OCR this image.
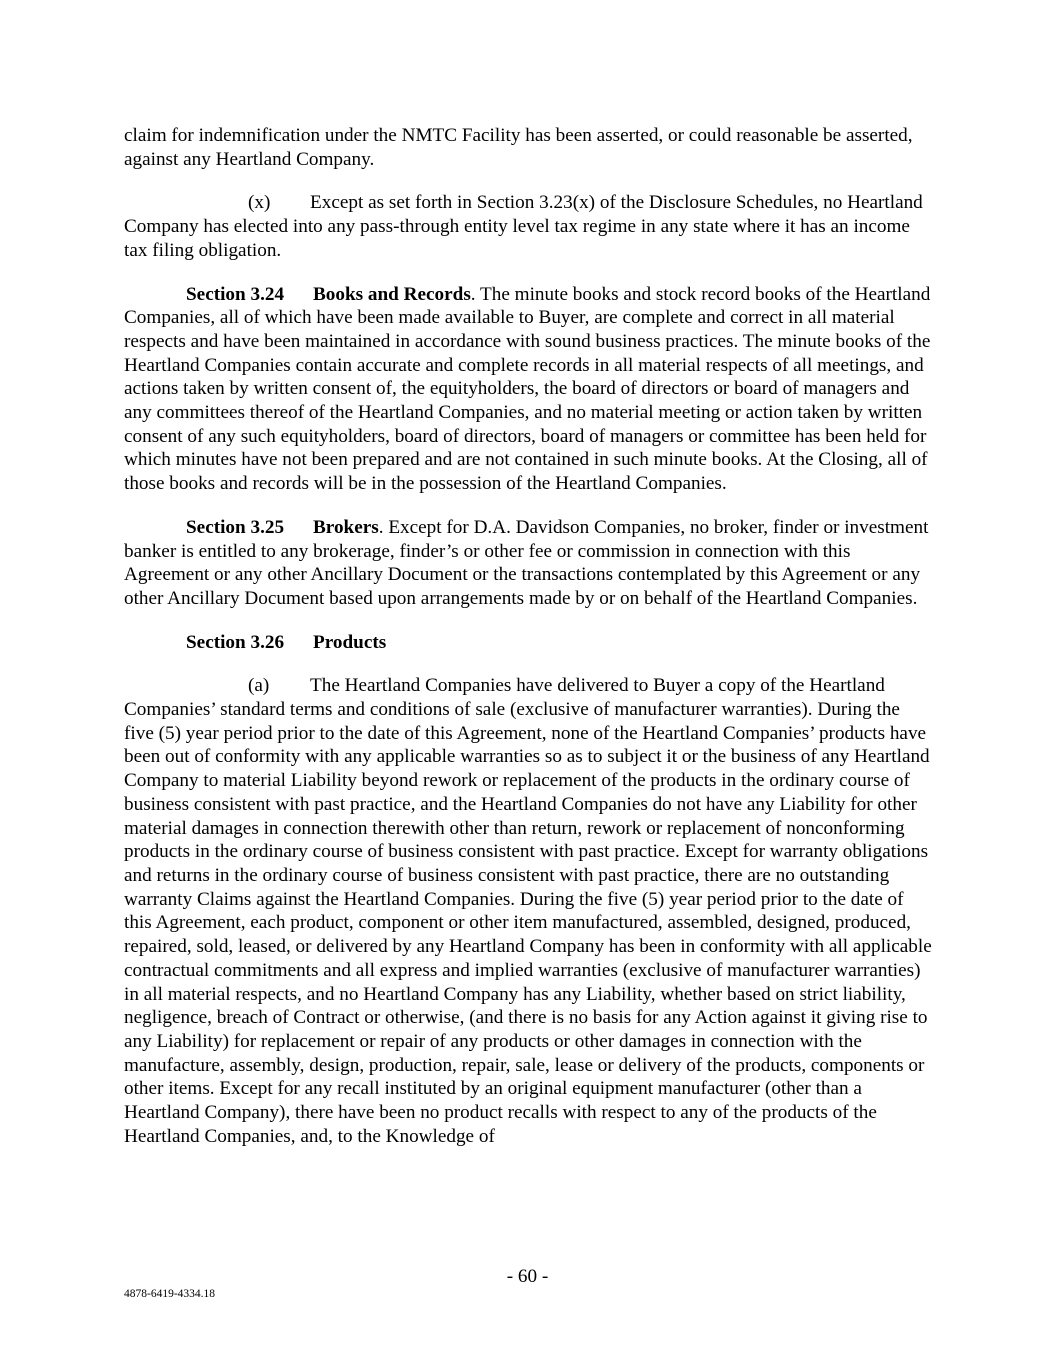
claim for indemnification under the NMTC Facility has been asserted, or could reasonable be asserted, against any Heartland Company.

(x) Except as set forth in Section 3.23(x) of the Disclosure Schedules, no Heartland Company has elected into any pass-through entity level tax regime in any state where it has an income tax filing obligation.

Section 3.24 Books and Records. The minute books and stock record books of the Heartland Companies, all of which have been made available to Buyer, are complete and correct in all material respects and have been maintained in accordance with sound business practices. The minute books of the Heartland Companies contain accurate and complete records in all material respects of all meetings, and actions taken by written consent of, the equityholders, the board of directors or board of managers and any committees thereof of the Heartland Companies, and no material meeting or action taken by written consent of any such equityholders, board of directors, board of managers or committee has been held for which minutes have not been prepared and are not contained in such minute books. At the Closing, all of those books and records will be in the possession of the Heartland Companies.

Section 3.25 Brokers. Except for D.A. Davidson Companies, no broker, finder or investment banker is entitled to any brokerage, finder’s or other fee or commission in connection with this Agreement or any other Ancillary Document or the transactions contemplated by this Agreement or any other Ancillary Document based upon arrangements made by or on behalf of the Heartland Companies.

Section 3.26 Products

(a) The Heartland Companies have delivered to Buyer a copy of the Heartland Companies’ standard terms and conditions of sale (exclusive of manufacturer warranties). During the five (5) year period prior to the date of this Agreement, none of the Heartland Companies’ products have been out of conformity with any applicable warranties so as to subject it or the business of any Heartland Company to material Liability beyond rework or replacement of the products in the ordinary course of business consistent with past practice, and the Heartland Companies do not have any Liability for other material damages in connection therewith other than return, rework or replacement of nonconforming products in the ordinary course of business consistent with past practice. Except for warranty obligations and returns in the ordinary course of business consistent with past practice, there are no outstanding warranty Claims against the Heartland Companies. During the five (5) year period prior to the date of this Agreement, each product, component or other item manufactured, assembled, designed, produced, repaired, sold, leased, or delivered by any Heartland Company has been in conformity with all applicable contractual commitments and all express and implied warranties (exclusive of manufacturer warranties) in all material respects, and no Heartland Company has any Liability, whether based on strict liability, negligence, breach of Contract or otherwise, (and there is no basis for any Action against it giving rise to any Liability) for replacement or repair of any products or other damages in connection with the manufacture, assembly, design, production, repair, sale, lease or delivery of the products, components or other items. Except for any recall instituted by an original equipment manufacturer (other than a Heartland Company), there have been no product recalls with respect to any of the products of the Heartland Companies, and, to the Knowledge of

- 60 -
4878-6419-4334.18
